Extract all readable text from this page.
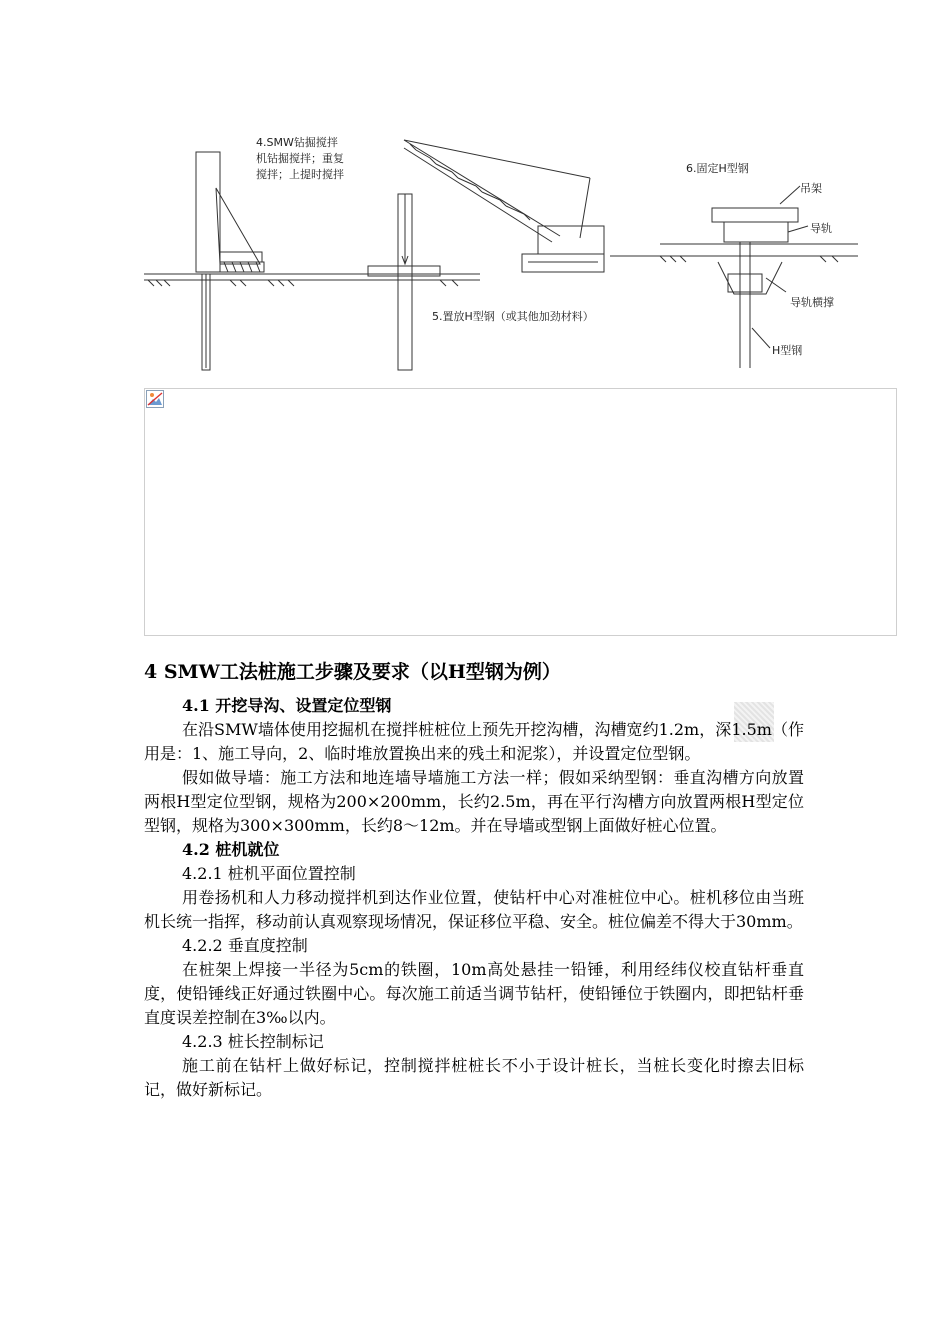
4.SMW钻掘搅拌
机钻掘搅拌；重复
搅拌；上提时搅拌
5.置放H型钢（或其他加劲材料）
6.固定H型钢
吊架
导轨
导轨横撑
H型钢

4 SMW工法桩施工步骤及要求（以H型钢为例）

4.1 开挖导沟、设置定位型钢

在沿SMW墙体使用挖掘机在搅拌桩桩位上预先开挖沟槽，沟槽宽约1.2m，深1.5m（作用是：1、施工导向，2、临时堆放置换出来的残土和泥浆），并设置定位型钢。

假如做导墙：施工方法和地连墙导墙施工方法一样；假如采纳型钢：垂直沟槽方向放置两根H型定位型钢，规格为200×200mm，长约2.5m，再在平行沟槽方向放置两根H型定位型钢，规格为300×300mm，长约8～12m。并在导墙或型钢上面做好桩心位置。

4.2 桩机就位

4.2.1 桩机平面位置控制

用卷扬机和人力移动搅拌机到达作业位置，使钻杆中心对准桩位中心。桩机移位由当班机长统一指挥，移动前认真观察现场情况，保证移位平稳、安全。桩位偏差不得大于30mm。

4.2.2 垂直度控制

在桩架上焊接一半径为5cm的铁圈，10m高处悬挂一铅锤，利用经纬仪校直钻杆垂直度，使铅锤线正好通过铁圈中心。每次施工前适当调节钻杆，使铅锤位于铁圈内，即把钻杆垂直度误差控制在3‰以内。

4.2.3 桩长控制标记

施工前在钻杆上做好标记，控制搅拌桩桩长不小于设计桩长，当桩长变化时擦去旧标记，做好新标记。
